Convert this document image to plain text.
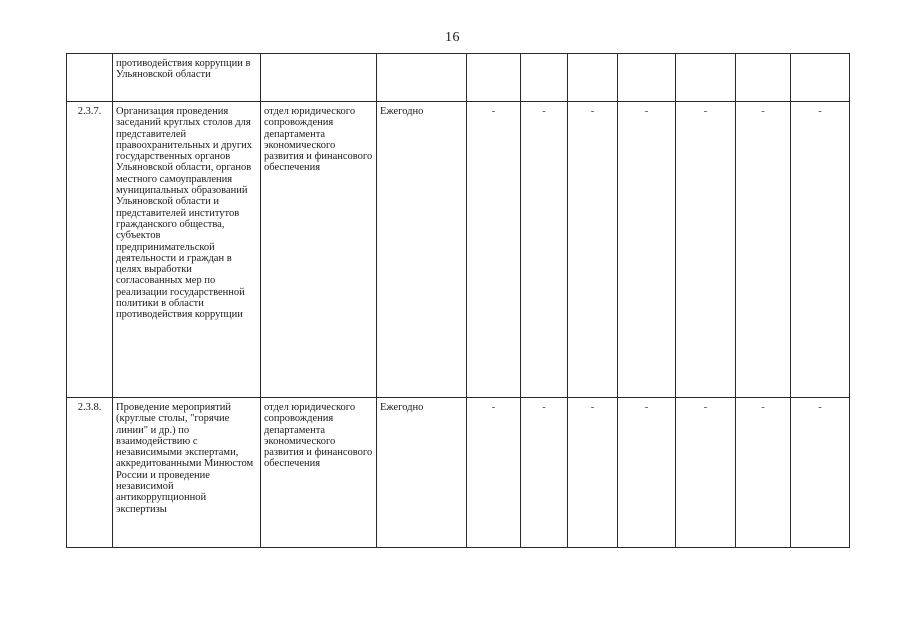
16

	противодействия коррупции в Ульяновской области									

2.3.7.	Организация проведения заседаний круглых столов для представителей правоохранительных и других государственных органов Ульяновской области, органов местного самоуправления муниципальных образований Ульяновской области и представителей институтов гражданского общества, субъектов предпринимательской деятельности и граждан в целях выработки согласованных мер по реализации государственной политики в области противодействия коррупции	отдел юридического сопровождения департамента экономического развития и финансового обеспечения	Ежегодно	-	-	-	-	-	-	-
2.3.8.	Проведение мероприятий (круглые столы, "горячие линии" и др.) по взаимодействию с независимыми экспертами, аккредитованными Минюстом России и проведение независимой антикоррупционной экспертизы	отдел юридического сопровождения департамента экономического развития и финансового обеспечения	Ежегодно	-	-	-	-	-	-	-
